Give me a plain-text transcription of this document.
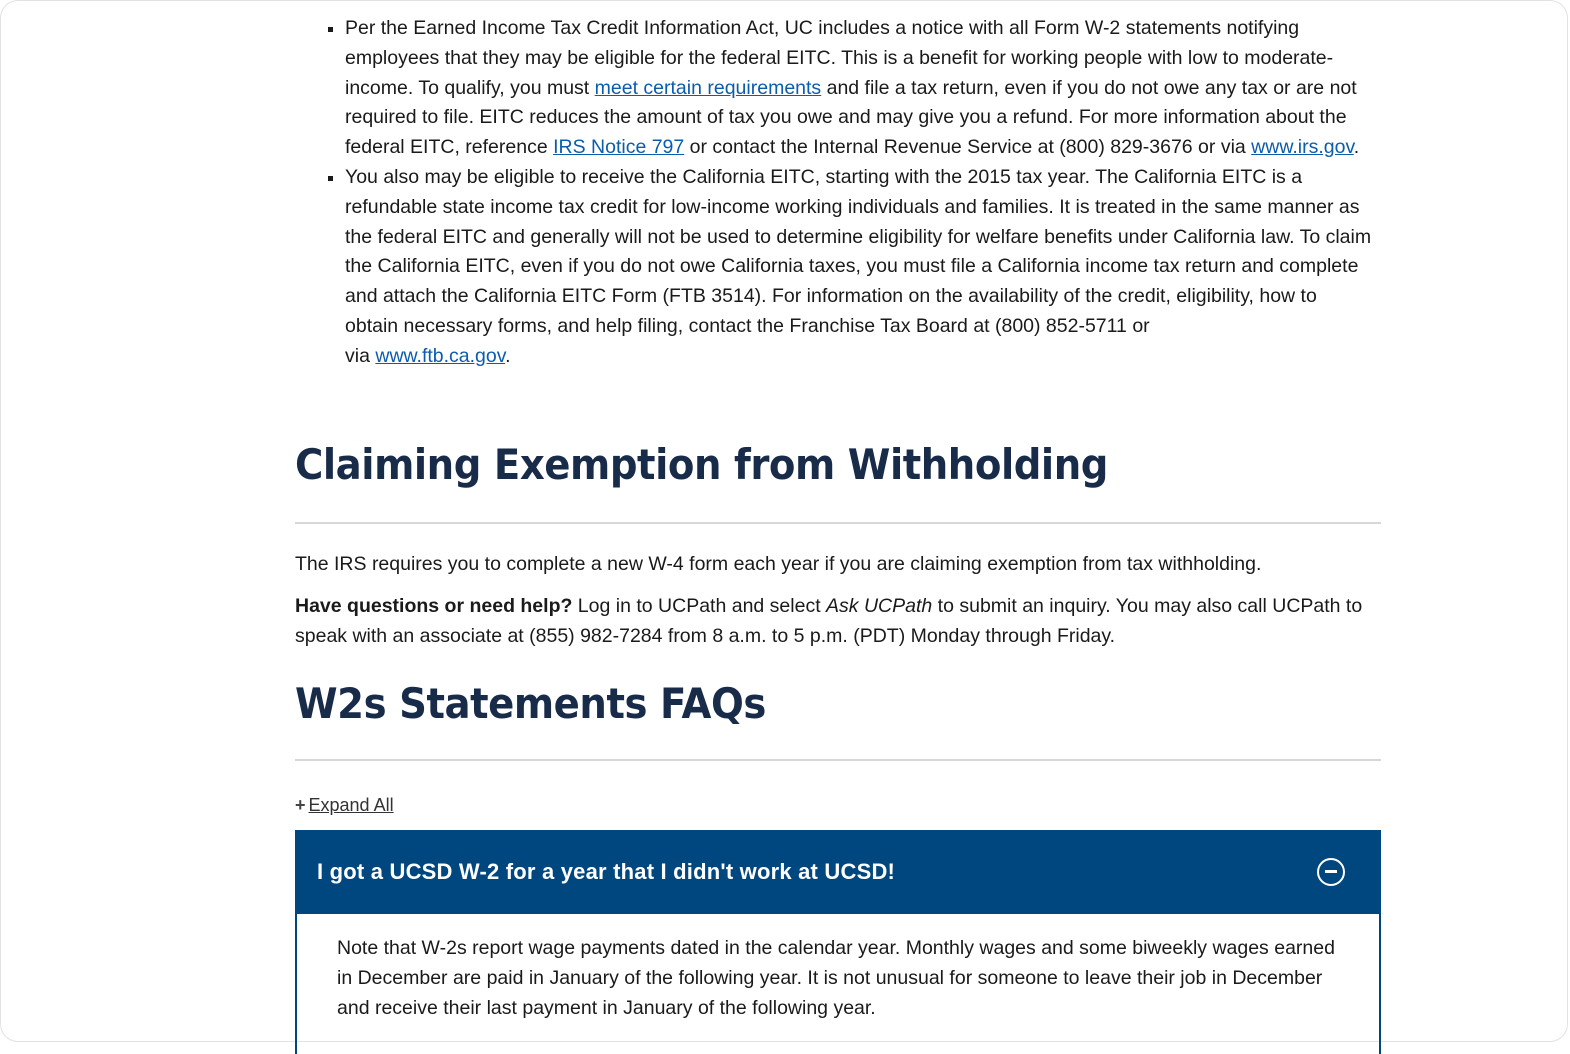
Per the Earned Income Tax Credit Information Act, UC includes a notice with all Form W-2 statements notifying employees that they may be eligible for the federal EITC. This is a benefit for working people with low to moderate-income. To qualify, you must meet certain requirements and file a tax return, even if you do not owe any tax or are not required to file. EITC reduces the amount of tax you owe and may give you a refund. For more information about the federal EITC, reference IRS Notice 797 or contact the Internal Revenue Service at (800) 829-3676 or via www.irs.gov.
You also may be eligible to receive the California EITC, starting with the 2015 tax year. The California EITC is a refundable state income tax credit for low-income working individuals and families. It is treated in the same manner as the federal EITC and generally will not be used to determine eligibility for welfare benefits under California law. To claim the California EITC, even if you do not owe California taxes, you must file a California income tax return and complete and attach the California EITC Form (FTB 3514). For information on the availability of the credit, eligibility, how to obtain necessary forms, and help filing, contact the Franchise Tax Board at (800) 852-5711 or
via www.ftb.ca.gov.
Claiming Exemption from Withholding

The IRS requires you to complete a new W-4 form each year if you are claiming exemption from tax withholding.

Have questions or need help? Log in to UCPath and select Ask UCPath to submit an inquiry. You may also call UCPath to speak with an associate at (855) 982-7284 from 8 a.m. to 5 p.m. (PDT) Monday through Friday.

W2s Statements FAQs
+ Expand All
I got a UCSD W-2 for a year that I didn't work at UCSD!

Note that W-2s report wage payments dated in the calendar year. Monthly wages and some biweekly wages earned in December are paid in January of the following year. It is not unusual for someone to leave their job in December and receive their last payment in January of the following year.
